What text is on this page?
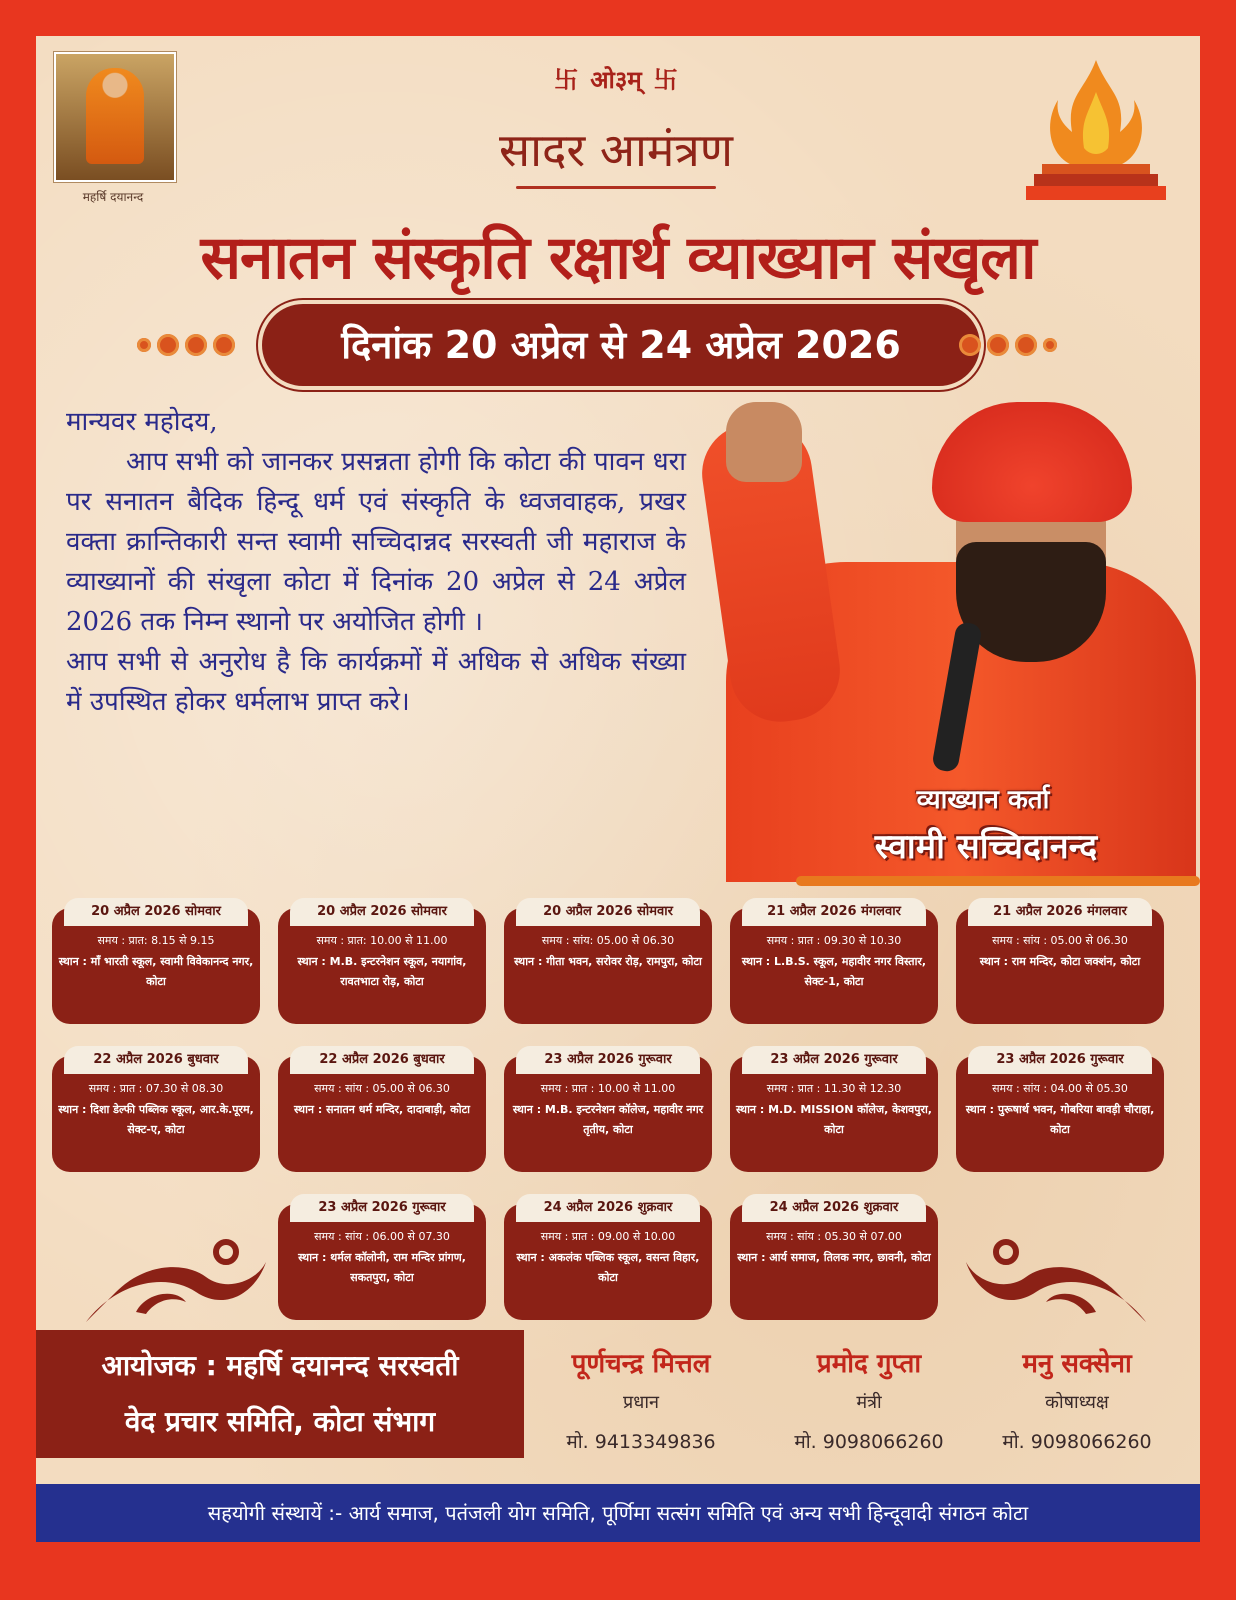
महर्षि दयानन्द
卐 ओ३म् 卐
सादर आमंत्रण
सनातन संस्कृति रक्षार्थ व्याख्यान संखृला
दिनांक 20 अप्रेल से 24 अप्रेल 2026

मान्यवर महोदय,

आप सभी को जानकर प्रसन्नता होगी कि कोटा की पावन धरा पर सनातन बैदिक हिन्दू धर्म एवं संस्कृति के ध्वजवाहक, प्रखर वक्ता क्रान्तिकारी सन्त स्वामी सच्चिदान्नद सरस्वती जी महाराज के व्याख्यानों की संखृला कोटा में दिनांक 20 अप्रेल से 24 अप्रेल 2026 तक निम्न स्थानो पर अयोजित होगी ।

आप सभी से अनुरोध है कि कार्यक्रमों में अधिक से अधिक संख्या में उपस्थित होकर धर्मलाभ प्राप्त करे।

व्याख्यान कर्ता
स्वामी सच्चिदानन्द
20 अप्रैल 2026 सोमवार
समय : प्रात: 8.15 से 9.15
स्थान : माँ भारती स्कूल, स्वामी विवेकानन्द नगर, कोटा
20 अप्रैल 2026 सोमवार
समय : प्रात: 10.00 से 11.00
स्थान : M.B. इन्टरनेशन स्कूल, नयागांव, रावतभाटा रोड़, कोटा
20 अप्रैल 2026 सोमवार
समय : सांय: 05.00 से 06.30
स्थान : गीता भवन, सरोवर रोड़, रामपुरा, कोटा
21 अप्रैल 2026 मंगलवार
समय : प्रात : 09.30 से 10.30
स्थान : L.B.S. स्कूल, महावीर नगर विस्तार, सेक्ट-1, कोटा
21 अप्रैल 2026 मंगलवार
समय : सांय : 05.00 से 06.30
स्थान : राम मन्दिर, कोटा जक्शंन, कोटा
22 अप्रैल 2026 बुधवार
समय : प्रात : 07.30 से 08.30
स्थान : दिशा डेल्फी पब्लिक स्कूल, आर.के.पूरम, सेक्ट-ए, कोटा
22 अप्रैल 2026 बुधवार
समय : सांय : 05.00 से 06.30
स्थान : सनातन धर्म मन्दिर, दादाबाड़ी, कोटा
23 अप्रैल 2026 गुरूवार
समय : प्रात : 10.00 से 11.00
स्थान : M.B. इन्टरनेशन कॉलेज, महावीर नगर तृतीय, कोटा
23 अप्रैल 2026 गुरूवार
समय : प्रात : 11.30 से 12.30
स्थान : M.D. MISSION कॉलेज, केशवपुरा, कोटा
23 अप्रैल 2026 गुरूवार
समय : सांय : 04.00 से 05.30
स्थान : पुरूषार्थ भवन, गोबरिया बावड़ी चौराहा, कोटा
23 अप्रैल 2026 गुरूवार
समय : सांय : 06.00 से 07.30
स्थान : थर्मल कॉलोनी, राम मन्दिर प्रांगण, सकतपुरा, कोटा
24 अप्रैल 2026 शुक्रवार
समय : प्रात : 09.00 से 10.00
स्थान : अकलंक पब्लिक स्कूल, वसन्त विहार, कोटा
24 अप्रैल 2026 शुक्रवार
समय : सांय : 05.30 से 07.00
स्थान : आर्य समाज, तिलक नगर, छावनी, कोटा
आयोजक : महर्षि दयानन्द सरस्वती
वेद प्रचार समिति, कोटा संभाग
पूर्णचन्द्र मित्तल
प्रधान
मो. 9413349836
प्रमोद गुप्ता
मंत्री
मो. 9098066260
मनु सक्सेना
कोषाध्यक्ष
मो. 9098066260
सहयोगी संस्थायें :- आर्य समाज, पतंजली योग समिति, पूर्णिमा सत्संग समिति एवं अन्य सभी हिन्दूवादी संगठन कोटा
